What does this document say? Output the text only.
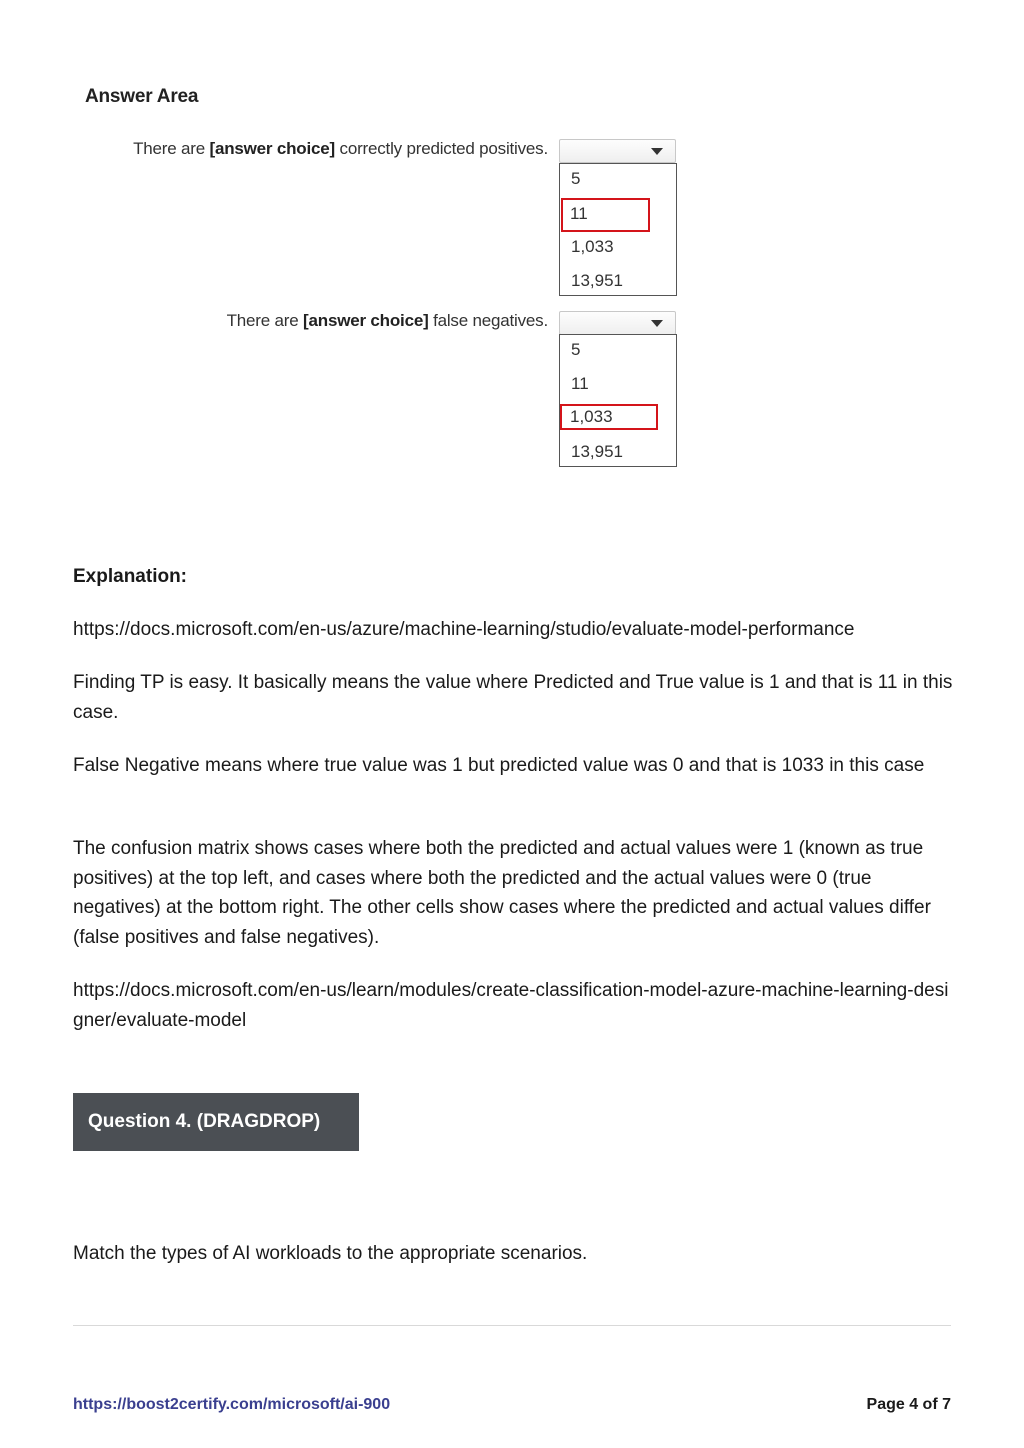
Answer Area
There are [answer choice] correctly predicted positives.
5
11
1,033
13,951
There are [answer choice] false negatives.
5
11
1,033
13,951
Explanation:
https://docs.microsoft.com/en-us/azure/machine-learning/studio/evaluate-model-performance
Finding TP is easy. It basically means the value where Predicted and True value is 1 and that is 11 in this case.
False Negative means where true value was 1 but predicted value was 0 and that is 1033 in this case
The confusion matrix shows cases where both the predicted and actual values were 1 (known as true positives) at the top left, and cases where both the predicted and the actual values were 0 (true negatives) at the bottom right. The other cells show cases where the predicted and actual values differ (false positives and false negatives).
https://docs.microsoft.com/en-us/learn/modules/create-classification-model-azure-machine-learning-designer/evaluate-model
Question 4. (DRAGDROP)
Match the types of AI workloads to the appropriate scenarios.
https://boost2certify.com/microsoft/ai-900	Page 4 of 7
